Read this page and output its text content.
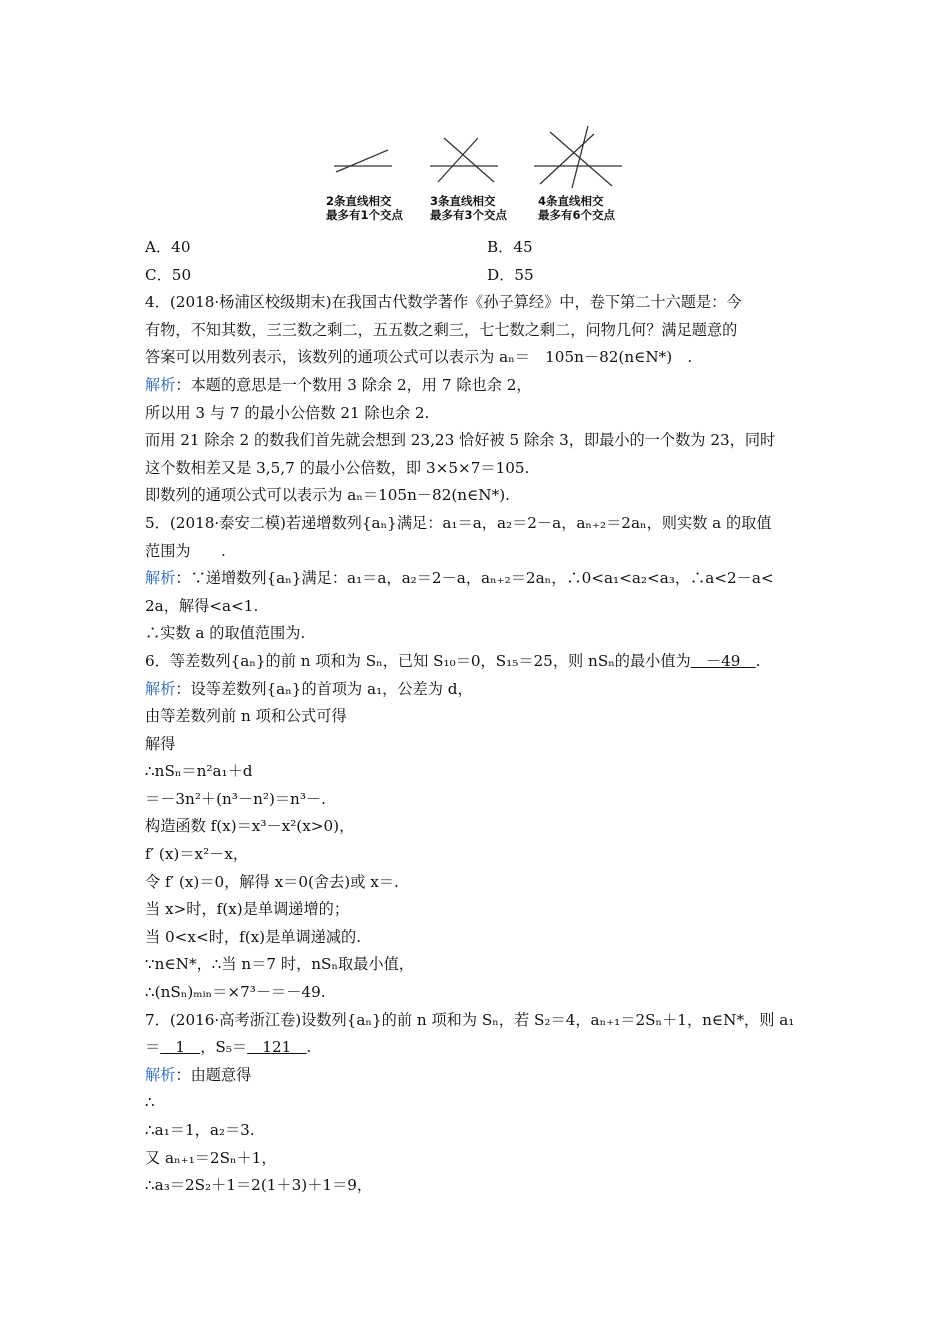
2条直线相交
最多有1个交点
3条直线相交
最多有3个交点
4条直线相交
最多有6个交点
A．40	B．45
C．50	D．55
4．(2018·杨浦区校级期末)在我国古代数学著作《孙子算经》中，卷下第二十六题是：今
有物，不知其数，三三数之剩二，五五数之剩三，七七数之剩二，问物几何？满足题意的
答案可以用数列表示，该数列的通项公式可以表示为 aₙ＝　105n－82(n∈N*)　.
解析：本题的意思是一个数用 3 除余 2，用 7 除也余 2，
所以用 3 与 7 的最小公倍数 21 除也余 2.
而用 21 除余 2 的数我们首先就会想到 23,23 恰好被 5 除余 3，即最小的一个数为 23，同时
这个数相差又是 3,5,7 的最小公倍数，即 3×5×7＝105.
即数列的通项公式可以表示为 aₙ＝105n－82(n∈N*).
5．(2018·泰安二模)若递增数列{aₙ}满足：a₁＝a，a₂＝2－a，aₙ₊₂＝2aₙ，则实数 a 的取值
范围为　　.
解析：∵递增数列{aₙ}满足：a₁＝a，a₂＝2－a，aₙ₊₂＝2aₙ，∴0<a₁<a₂<a₃，∴a<2－a<
2a，解得<a<1.
∴实数 a 的取值范围为.
6．等差数列{aₙ}的前 n 项和为 Sₙ，已知 S₁₀＝0，S₁₅＝25，则 nSₙ的最小值为　－49　.
解析：设等差数列{aₙ}的首项为 a₁，公差为 d，
由等差数列前 n 项和公式可得
解得
∴nSₙ＝n²a₁＋d
＝－3n²＋(n³－n²)＝n³－.
构造函数 f(x)＝x³－x²(x>0)，
f′ (x)＝x²－x，
令 f′ (x)＝0，解得 x＝0(舍去)或 x＝.
当 x>时，f(x)是单调递增的；
当 0<x<时，f(x)是单调递减的.
∵n∈N*，∴当 n＝7 时，nSₙ取最小值，
∴(nSₙ)ₘᵢₙ＝×7³－＝－49.
7．(2016·高考浙江卷)设数列{aₙ}的前 n 项和为 Sₙ，若 S₂＝4，aₙ₊₁＝2Sₙ＋1，n∈N*，则 a₁
＝　1　，S₅＝　121　.
解析：由题意得
∴
∴a₁＝1，a₂＝3.
又 aₙ₊₁＝2Sₙ＋1，
∴a₃＝2S₂＋1＝2(1＋3)＋1＝9，
